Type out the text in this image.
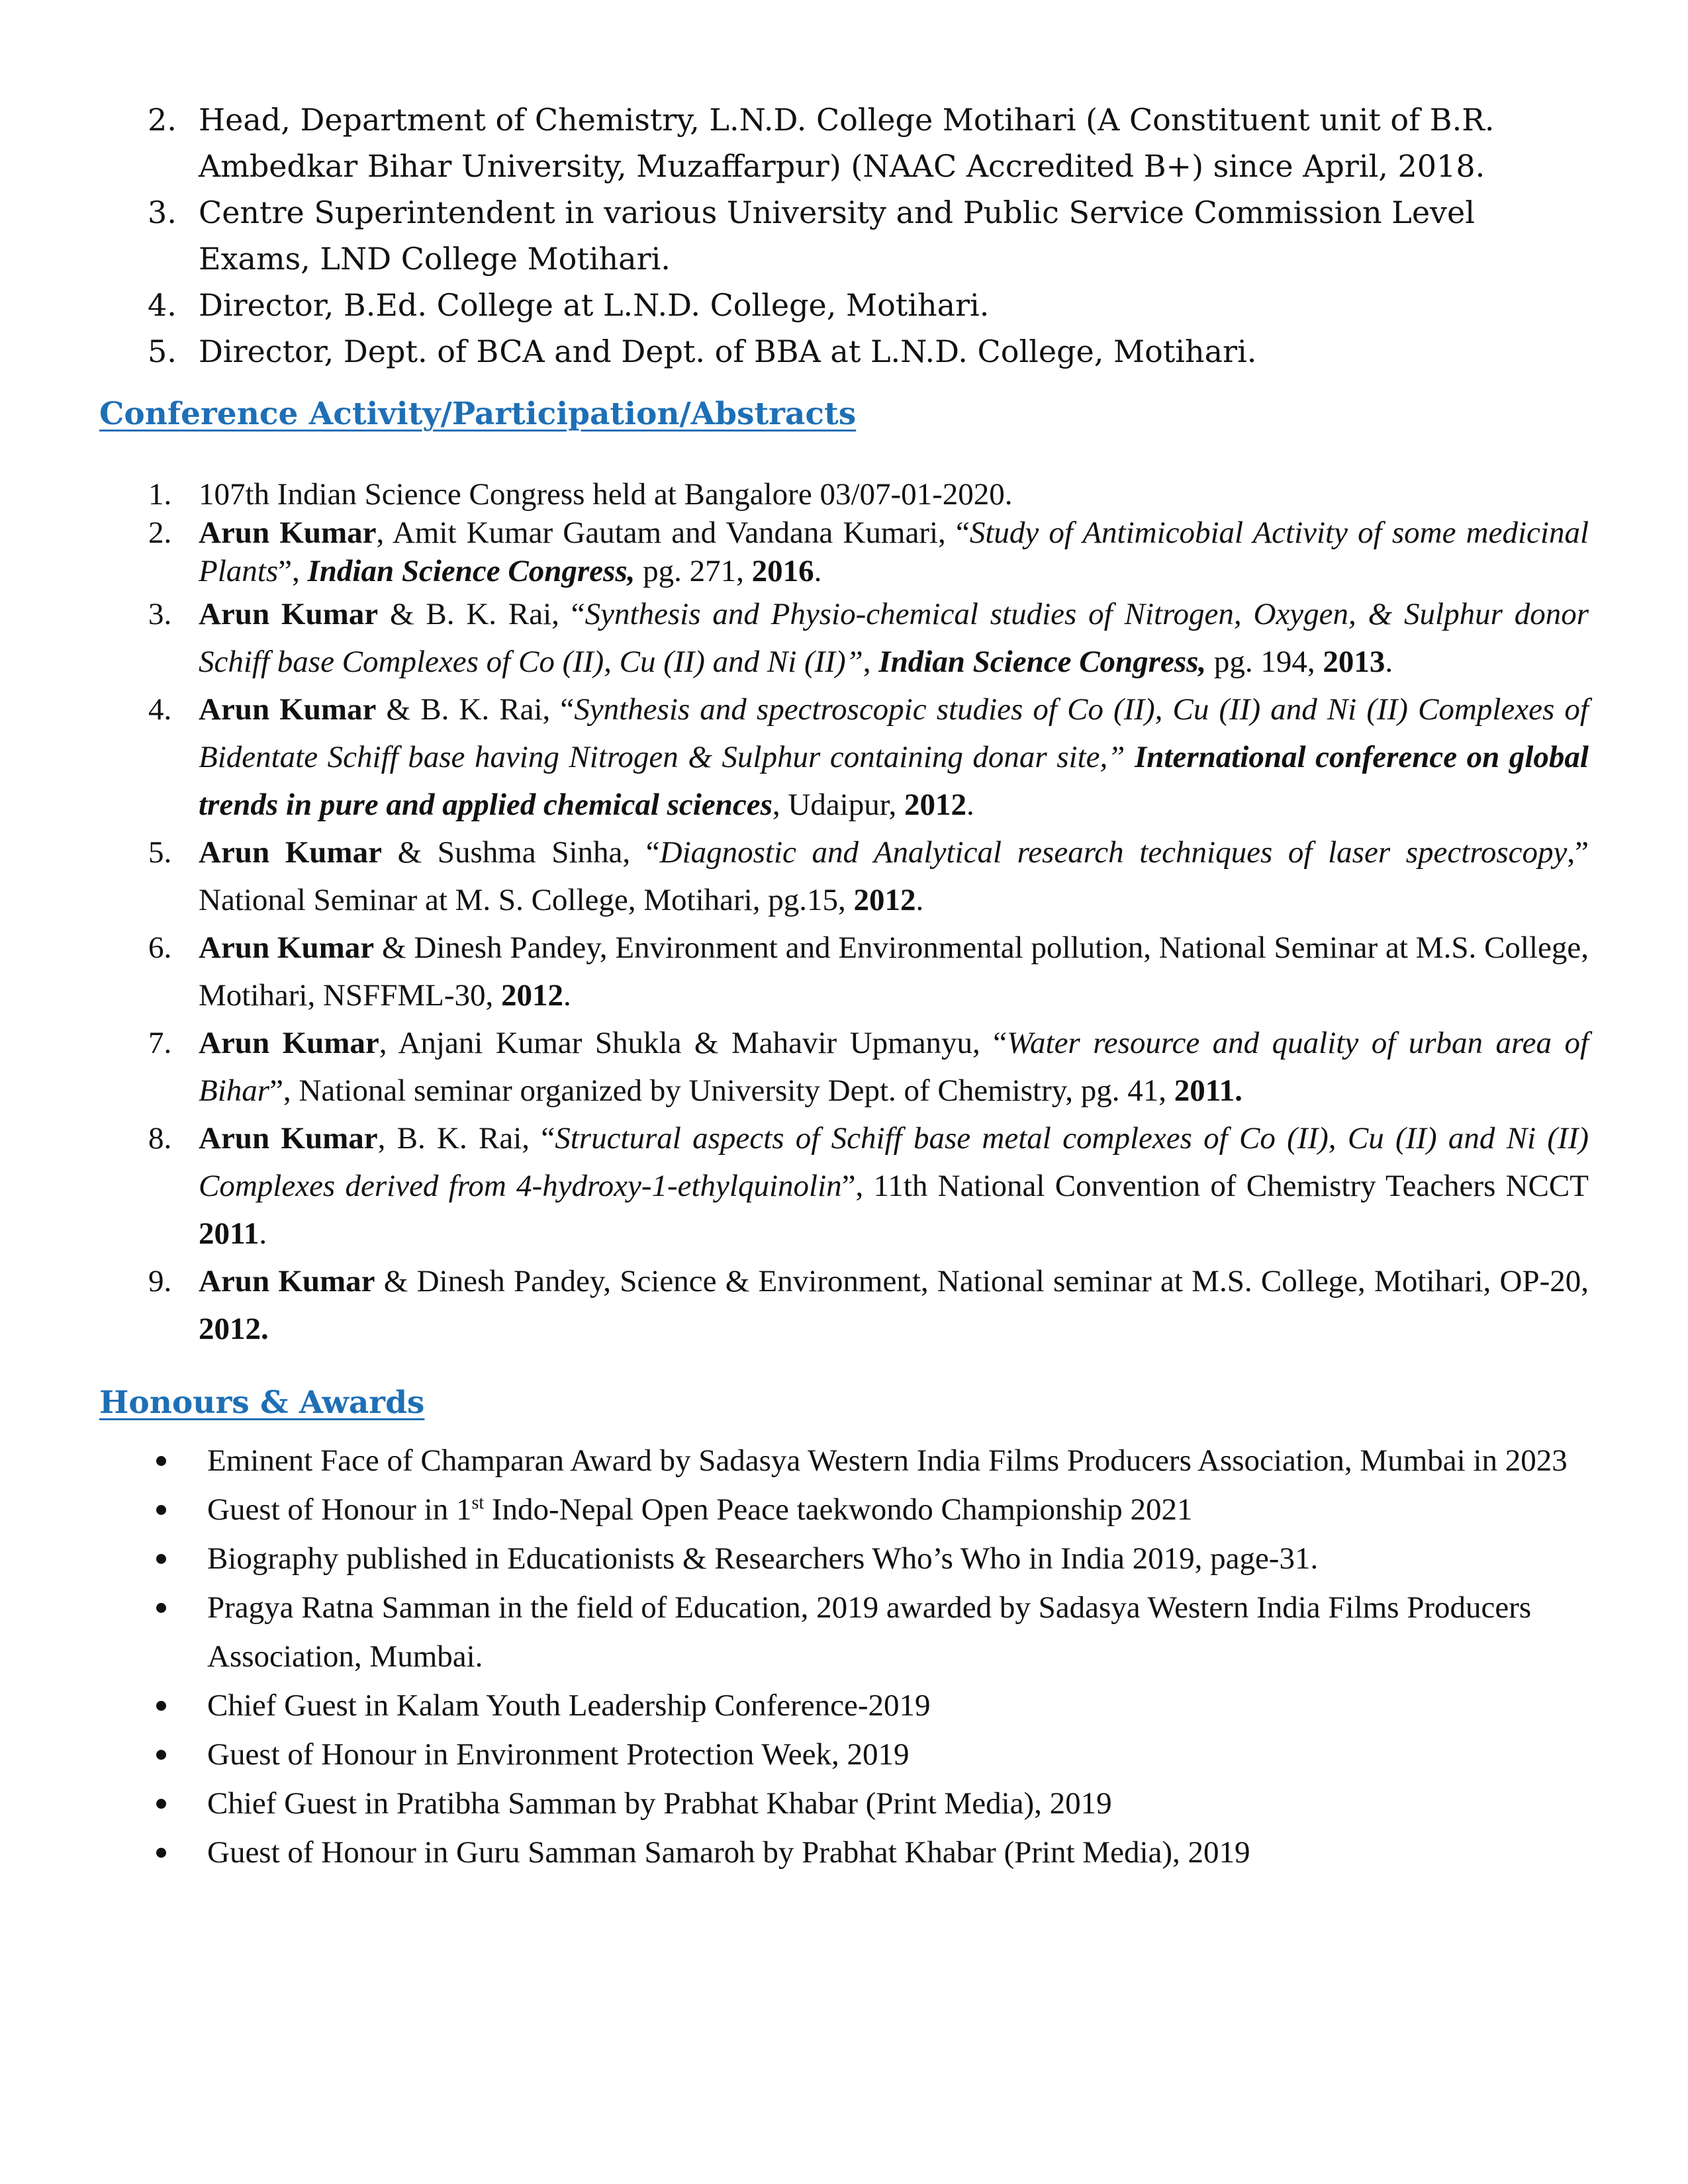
2. Head, Department of Chemistry, L.N.D. College Motihari (A Constituent unit of B.R. Ambedkar Bihar University, Muzaffarpur) (NAAC Accredited B+) since April, 2018.
3. Centre Superintendent in various University and Public Service Commission Level Exams, LND College Motihari.
4. Director, B.Ed. College at L.N.D. College, Motihari.
5. Director, Dept. of BCA and Dept. of BBA at L.N.D. College, Motihari.
Conference Activity/Participation/Abstracts
1. 107th Indian Science Congress held at Bangalore 03/07-01-2020.
2. Arun Kumar, Amit Kumar Gautam and Vandana Kumari, “Study of Antimicobial Activity of some medicinal Plants”, Indian Science Congress, pg. 271, 2016.
3. Arun Kumar & B. K. Rai, “Synthesis and Physio-chemical studies of Nitrogen, Oxygen, & Sulphur donor Schiff base Complexes of Co (II), Cu (II) and Ni (II)”, Indian Science Congress, pg. 194, 2013.
4. Arun Kumar & B. K. Rai, “Synthesis and spectroscopic studies of Co (II), Cu (II) and Ni (II) Complexes of Bidentate Schiff base having Nitrogen & Sulphur containing donar site,” International conference on global trends in pure and applied chemical sciences, Udaipur, 2012.
5. Arun Kumar & Sushma Sinha, “Diagnostic and Analytical research techniques of laser spectroscopy,” National Seminar at M. S. College, Motihari, pg.15, 2012.
6. Arun Kumar & Dinesh Pandey, Environment and Environmental pollution, National Seminar at M.S. College, Motihari, NSFFML-30, 2012.
7. Arun Kumar, Anjani Kumar Shukla & Mahavir Upmanyu, “Water resource and quality of urban area of Bihar”, National seminar organized by University Dept. of Chemistry, pg. 41, 2011.
8. Arun Kumar, B. K. Rai, “Structural aspects of Schiff base metal complexes of Co (II), Cu (II) and Ni (II) Complexes derived from 4-hydroxy-1-ethylquinolin”, 11th National Convention of Chemistry Teachers NCCT 2011.
9. Arun Kumar & Dinesh Pandey, Science & Environment, National seminar at M.S. College, Motihari, OP-20, 2012.
Honours & Awards
Eminent Face of Champaran Award by Sadasya Western India Films Producers Association, Mumbai in 2023
Guest of Honour in 1st Indo-Nepal Open Peace taekwondo Championship 2021
Biography published in Educationists & Researchers Who’s Who in India 2019, page-31.
Pragya Ratna Samman in the field of Education, 2019 awarded by Sadasya Western India Films Producers Association, Mumbai.
Chief Guest in Kalam Youth Leadership Conference-2019
Guest of Honour in Environment Protection Week, 2019
Chief Guest in Pratibha Samman by Prabhat Khabar (Print Media), 2019
Guest of Honour in Guru Samman Samaroh by Prabhat Khabar (Print Media), 2019
